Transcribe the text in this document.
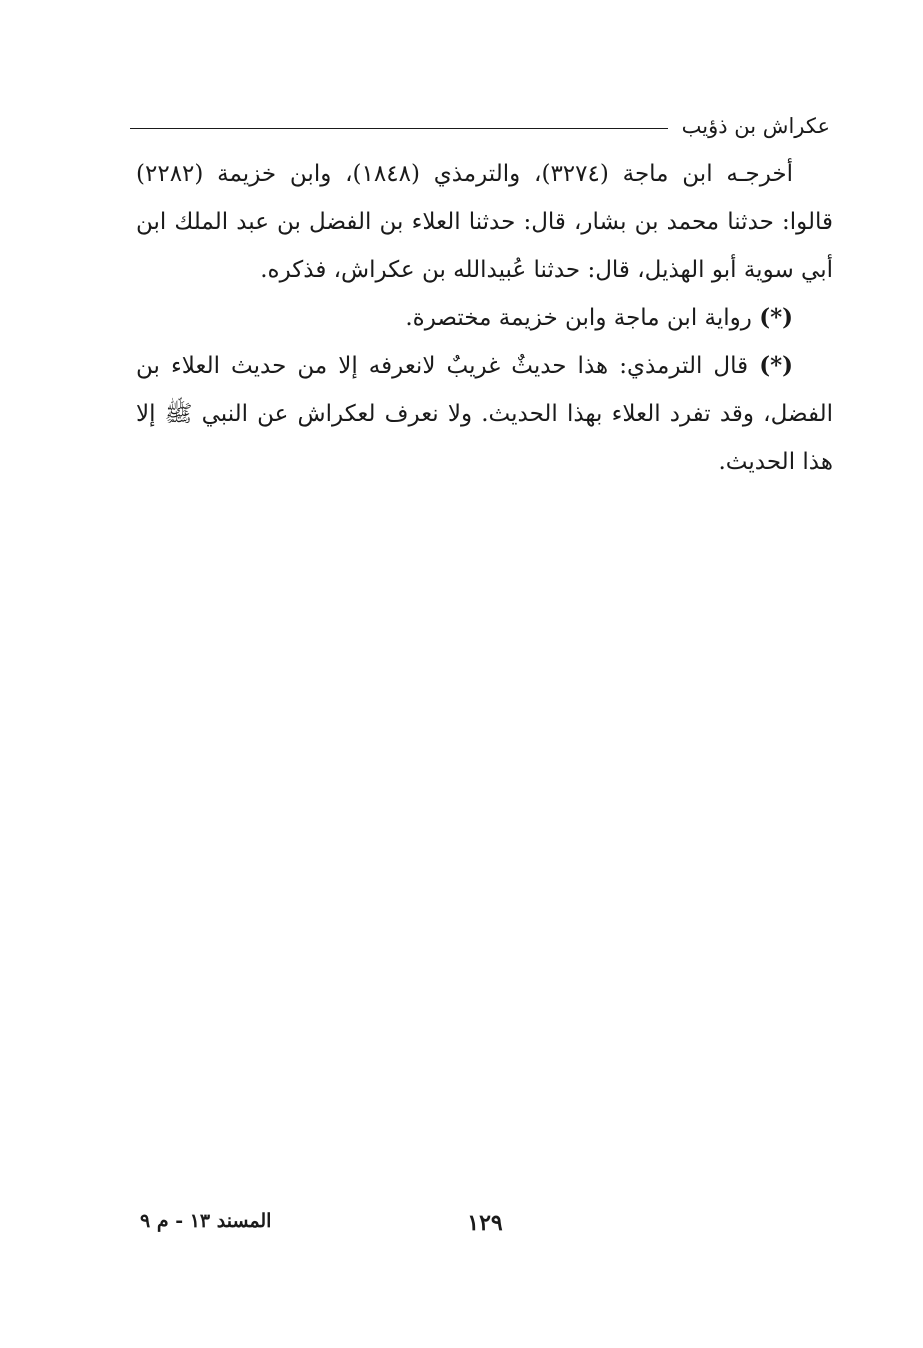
عكراش بن ذؤيب

أخرجـه ابن ماجة (٣٢٧٤)، والترمذي (١٨٤٨)، وابن خزيمة (٢٢٨٢) قالوا: حدثنا محمد بن بشار، قال: حدثنا العلاء بن الفضل بن عبد الملك ابن أبي سوية أبو الهذيل، قال: حدثنا عُبيدالله بن عكراش، فذكره.

(*) رواية ابن ماجة وابن خزيمة مختصرة.

(*) قال الترمذي: هذا حديثٌ غريبٌ لانعرفه إلا من حديث العلاء بن الفضل، وقد تفرد العلاء بهذا الحديث. ولا نعرف لعكراش عن النبي ﷺ إلا هذا الحديث.

١٢٩
المسند ١٣ - م ٩
